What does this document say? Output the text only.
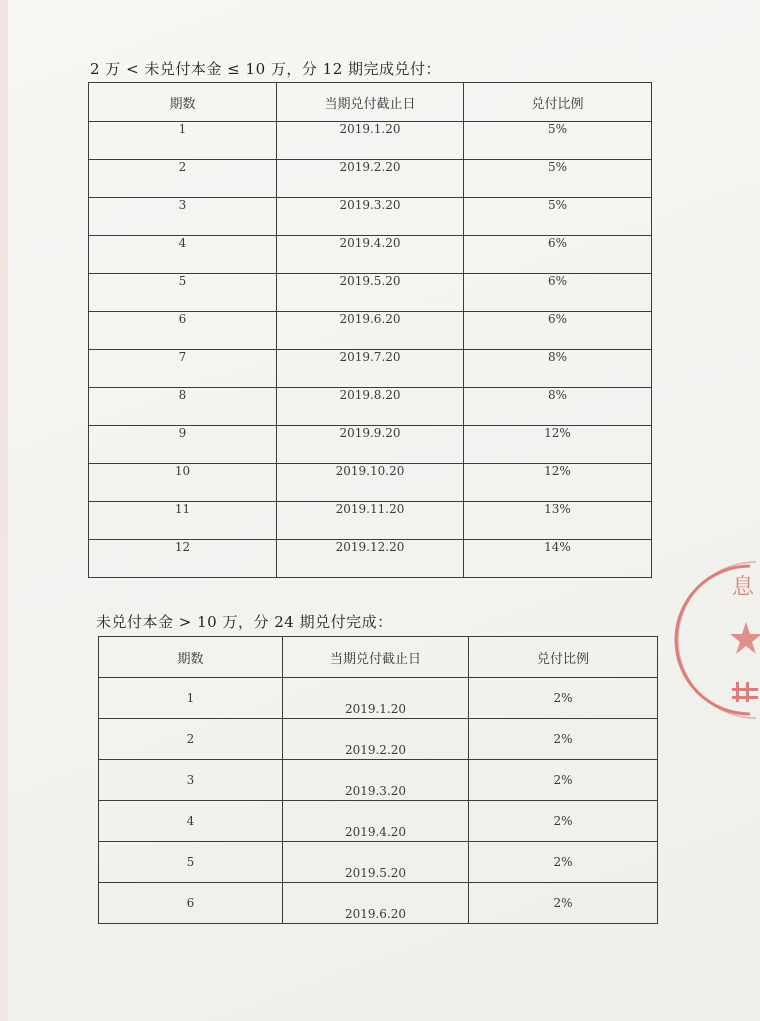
2 万 < 未兑付本金 ≤ 10 万，分 12 期完成兑付：
期数	当期兑付截止日	兑付比例
1	2019.1.20	5%
2	2019.2.20	5%
3	2019.3.20	5%
4	2019.4.20	6%
5	2019.5.20	6%
6	2019.6.20	6%
7	2019.7.20	8%
8	2019.8.20	8%
9	2019.9.20	12%
10	2019.10.20	12%
11	2019.11.20	13%
12	2019.12.20	14%
未兑付本金 > 10 万，分 24 期兑付完成：
期数	当期兑付截止日	兑付比例
1	2019.1.20	2%
2	2019.2.20	2%
3	2019.3.20	2%
4	2019.4.20	2%
5	2019.5.20	2%
6	2019.6.20	2%
息
